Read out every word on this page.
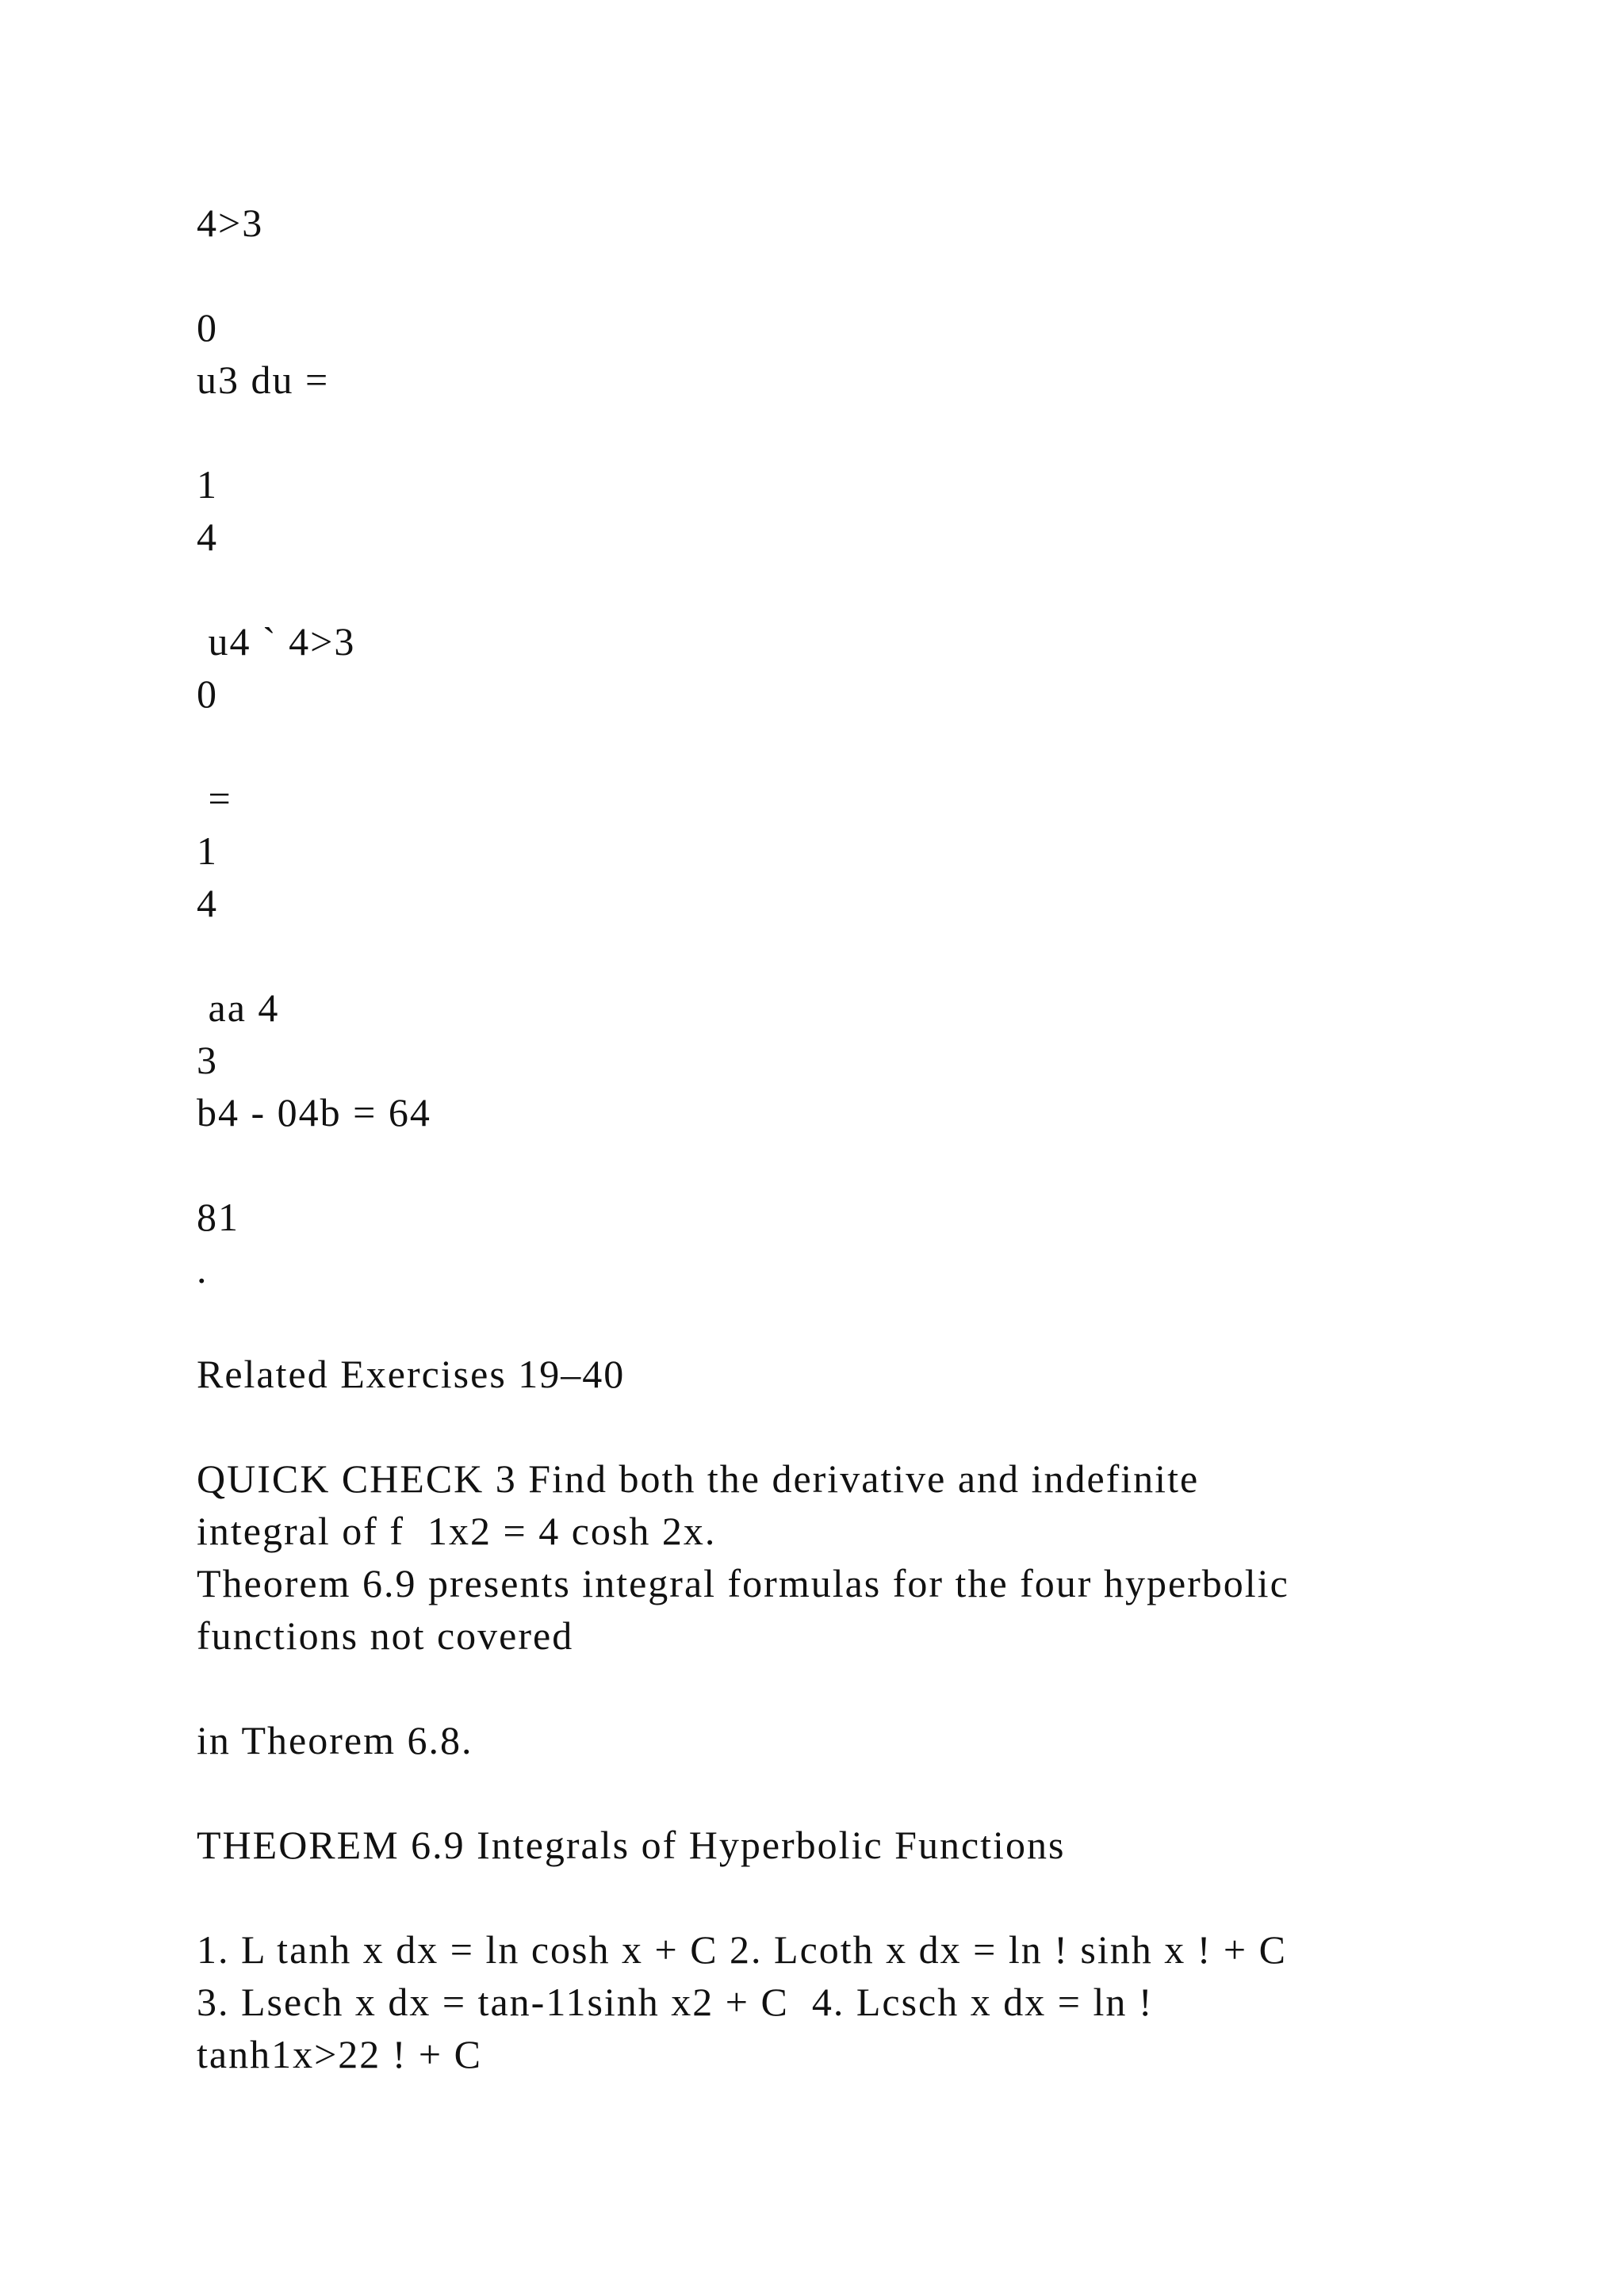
4>3
0
u3 du =
1
4
u4 ` 4>3
0
=
1
4
aa 4
3
b4 - 04b = 64
81
.
Related Exercises 19–40
QUICK CHECK 3 Find both the derivative and indefinite
integral of f  1x2 = 4 cosh 2x.
Theorem 6.9 presents integral formulas for the four hyperbolic
functions not covered
in Theorem 6.8.
THEOREM 6.9 Integrals of Hyperbolic Functions
1. L tanh x dx = ln cosh x + C 2. Lcoth x dx = ln ! sinh x ! + C
3. Lsech x dx = tan-11sinh x2 + C  4. Lcsch x dx = ln !
tanh1x>22 ! + C
